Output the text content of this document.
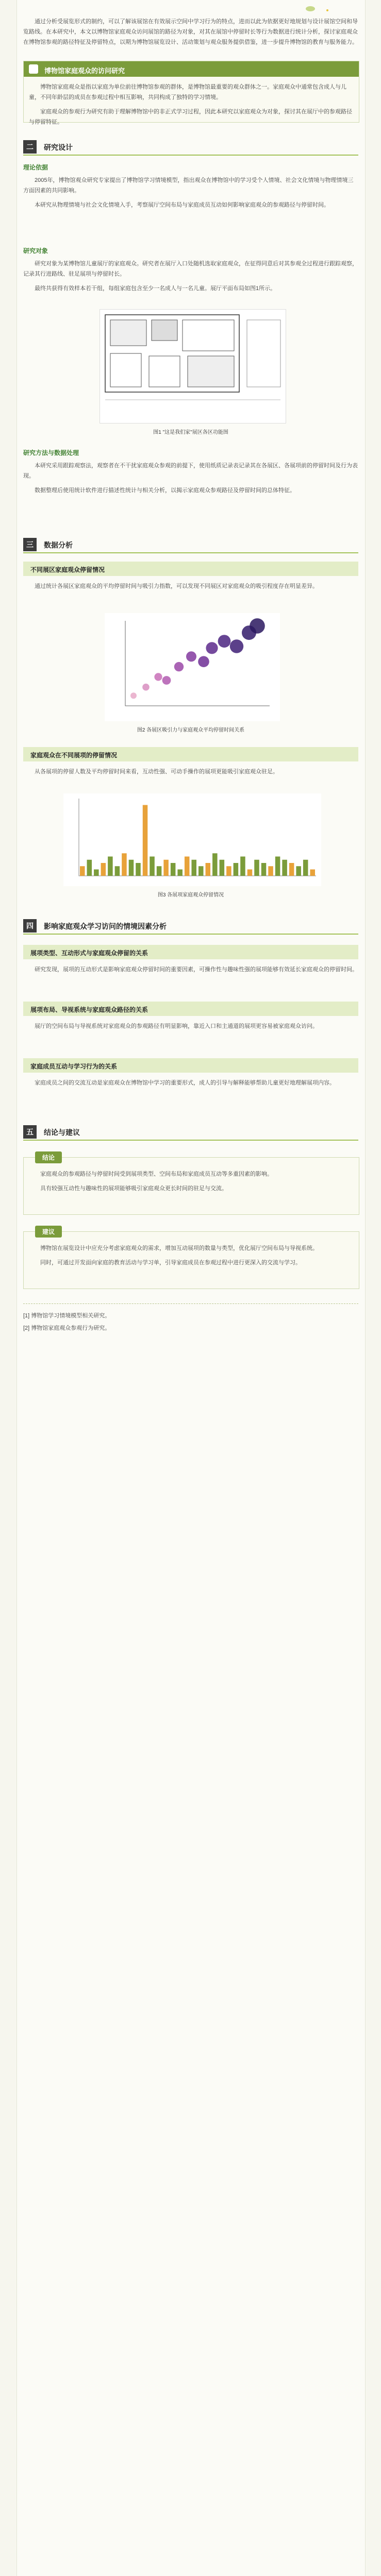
通过分析受展览形式的制约，可以了解该展馆在有效展示空间中学习行为的特点，进而以此为依据更好地规划与设计展馆空间和导览路线。在本研究中，本文以博物馆家庭观众访问展馆的路径为对象，对其在展馆中停留时长等行为数据进行统计分析，探讨家庭观众在博物馆参观的路径特征及停留特点，以期为博物馆展览设计、活动策划与观众服务提供借鉴，进一步提升博物馆的教育与服务能力。

博物馆家庭观众的访问研究

博物馆家庭观众是指以家庭为单位前往博物馆参观的群体，是博物馆最重要的观众群体之一。家庭观众中通常包含成人与儿童，不同年龄层的成员在参观过程中相互影响，共同构成了独特的学习情境。

家庭观众的参观行为研究有助于理解博物馆中的非正式学习过程，因此本研究以家庭观众为对象，探讨其在展厅中的参观路径与停留特征。

二	研究设计
理论依据

2005年，博物馆观众研究专家提出了博物馆学习情境模型，指出观众在博物馆中的学习受个人情境、社会文化情境与物理情境三方面因素的共同影响。

本研究从物理情境与社会文化情境入手，考察展厅空间布局与家庭成员互动如何影响家庭观众的参观路径与停留时间。

研究对象

研究对象为某博物馆儿童展厅的家庭观众。研究者在展厅入口处随机选取家庭观众，在征得同意后对其参观全过程进行跟踪观察，记录其行进路线、驻足展项与停留时长。

最终共获得有效样本若干组，每组家庭包含至少一名成人与一名儿童。展厅平面布局如图1所示。

图1 "这是我们家"展区各区功能图
研究方法与数据处理

本研究采用跟踪观察法，观察者在不干扰家庭观众参观的前提下，使用纸质记录表记录其在各展区、各展项前的停留时间及行为表现。

数据整理后使用统计软件进行描述性统计与相关分析，以揭示家庭观众参观路径及停留时间的总体特征。

三	数据分析
不同展区家庭观众停留情况

通过统计各展区家庭观众的平均停留时间与吸引力指数，可以发现不同展区对家庭观众的吸引程度存在明显差异。

图2 各展区吸引力与家庭观众平均停留时间关系
家庭观众在不同展项的停留情况

从各展项的停留人数及平均停留时间来看，互动性强、可动手操作的展项更能吸引家庭观众驻足。

图3 各展项家庭观众停留情况
四	影响家庭观众学习访问的情境因素分析
展项类型、互动形式与家庭观众停留的关系

研究发现，展项的互动形式是影响家庭观众停留时间的重要因素，可操作性与趣味性强的展项能够有效延长家庭观众的停留时间。

展项布局、导视系统与家庭观众路径的关系

展厅的空间布局与导视系统对家庭观众的参观路径有明显影响，靠近入口和主通道的展项更容易被家庭观众访问。

家庭成员互动与学习行为的关系

家庭成员之间的交流互动是家庭观众在博物馆中学习的重要形式，成人的引导与解释能够帮助儿童更好地理解展项内容。

五	结论与建议
结论

家庭观众的参观路径与停留时间受到展项类型、空间布局和家庭成员互动等多重因素的影响。

具有较强互动性与趣味性的展项能够吸引家庭观众更长时间的驻足与交流。

建议

博物馆在展览设计中应充分考虑家庭观众的需求，增加互动展项的数量与类型，优化展厅空间布局与导视系统。

同时，可通过开发面向家庭的教育活动与学习单，引导家庭成员在参观过程中进行更深入的交流与学习。

[1] 博物馆学习情境模型相关研究。
[2] 博物馆家庭观众参观行为研究。
